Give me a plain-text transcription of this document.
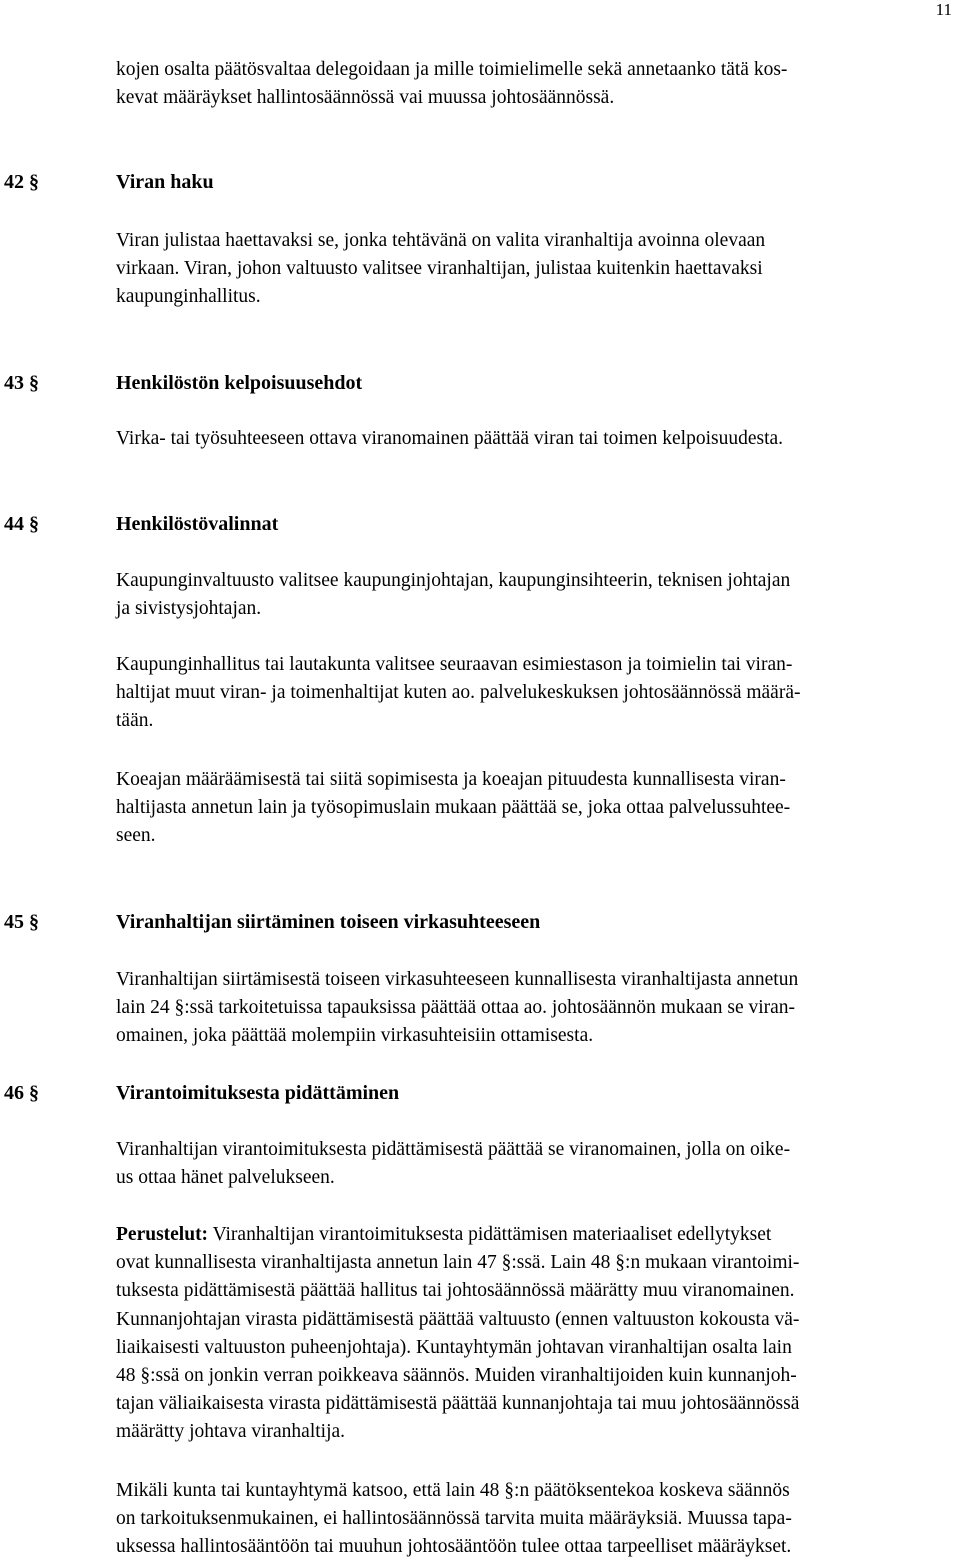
11

kojen osalta päätösvaltaa delegoidaan ja mille toimielimelle sekä annetaanko tätä kos-
kevat määräykset hallintosäännössä vai muussa johtosäännössä.

42 §	Viran haku

Viran julistaa haettavaksi se, jonka tehtävänä on valita viranhaltija avoinna olevaan
virkaan. Viran, johon valtuusto valitsee viranhaltijan, julistaa kuitenkin haettavaksi
kaupunginhallitus.

43 §	Henkilöstön kelpoisuusehdot

Virka- tai työsuhteeseen ottava viranomainen päättää viran tai toimen kelpoisuudesta.

44 §	Henkilöstövalinnat

Kaupunginvaltuusto valitsee kaupunginjohtajan, kaupunginsihteerin, teknisen johtajan
ja sivistysjohtajan.

Kaupunginhallitus tai lautakunta valitsee seuraavan esimiestason ja toimielin tai viran-
haltijat muut viran- ja toimenhaltijat kuten ao. palvelukeskuksen johtosäännössä määrä-
tään.

Koeajan määräämisestä tai siitä sopimisesta ja koeajan pituudesta kunnallisesta viran-
haltijasta annetun lain ja työsopimuslain mukaan päättää se, joka ottaa palvelussuhtee-
seen.

45 §	Viranhaltijan siirtäminen toiseen virkasuhteeseen

Viranhaltijan siirtämisestä toiseen virkasuhteeseen kunnallisesta viranhaltijasta annetun
lain 24 §:ssä tarkoitetuissa tapauksissa päättää ottaa ao. johtosäännön mukaan se viran-
omainen, joka päättää molempiin virkasuhteisiin ottamisesta.

46 §	Virantoimituksesta pidättäminen

Viranhaltijan virantoimituksesta pidättämisestä päättää se viranomainen, jolla on oike-
us ottaa hänet palvelukseen.

Perustelut: Viranhaltijan virantoimituksesta pidättämisen materiaaliset edellytykset
ovat kunnallisesta viranhaltijasta annetun lain 47 §:ssä. Lain 48 §:n mukaan virantoimi-
tuksesta pidättämisestä päättää hallitus tai johtosäännössä määrätty muu viranomainen.
Kunnanjohtajan virasta pidättämisestä päättää valtuusto (ennen valtuuston kokousta vä-
liaikaisesti valtuuston puheenjohtaja). Kuntayhtymän johtavan viranhaltijan osalta lain
48 §:ssä on jonkin verran poikkeava säännös. Muiden viranhaltijoiden kuin kunnanjoh-
tajan väliaikaisesta virasta pidättämisestä päättää kunnanjohtaja tai muu johtosäännössä
määrätty johtava viranhaltija.

Mikäli kunta tai kuntayhtymä katsoo, että lain 48 §:n päätöksentekoa koskeva säännös
on tarkoituksenmukainen, ei hallintosäännössä tarvita muita määräyksiä. Muussa tapa-
uksessa hallintosääntöön tai muuhun johtosääntöön tulee ottaa tarpeelliset määräykset.
